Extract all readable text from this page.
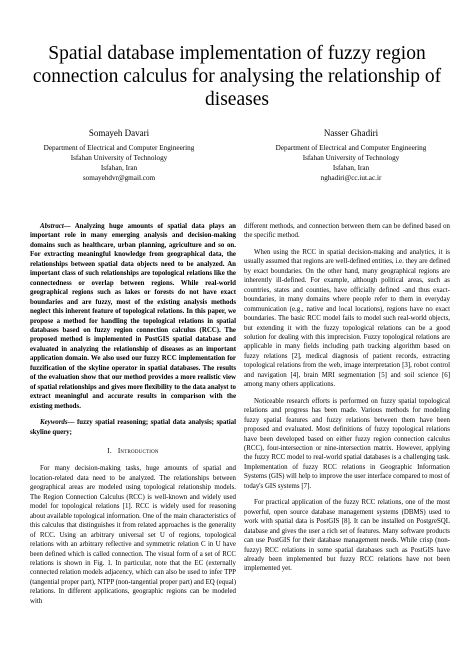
Spatial database implementation of fuzzy region connection calculus for analysing the relationship of diseases
Somayeh Davari
Department of Electrical and Computer Engineering
Isfahan University of Technology
Isfahan, Iran
somayehdvr@gmail.com
Nasser Ghadiri
Department of Electrical and Computer Engineering
Isfahan University of Technology
Isfahan, Iran
nghadiri@cc.iut.ac.ir

Abstract— Analyzing huge amounts of spatial data plays an important role in many emerging analysis and decision-making domains such as healthcare, urban planning, agriculture and so on. For extracting meaningful knowledge from geographical data, the relationships between spatial data objects need to be analyzed. An important class of such relationships are topological relations like the connectedness or overlap between regions. While real-world geographical regions such as lakes or forests do not have exact boundaries and are fuzzy, most of the existing analysis methods neglect this inherent feature of topological relations. In this paper, we propose a method for handling the topological relations in spatial databases based on fuzzy region connection calculus (RCC). The proposed method is implemented in PostGIS spatial database and evaluated in analyzing the relationship of diseases as an important application domain. We also used our fuzzy RCC implementation for fuzzification of the skyline operator in spatial databases. The results of the evaluation show that our method provides a more realistic view of spatial relationships and gives more flexibility to the data analyst to extract meaningful and accurate results in comparison with the existing methods.

Keywords— fuzzy spatial reasoning; spatial data analysis; spatial skyline query;

I. Introduction

For many decision-making tasks, huge amounts of spatial and location-related data need to be analyzed. The relationships between geographical areas are modeled using topological relationship models. The Region Connection Calculus (RCC) is well-known and widely used model for topological relations [1]. RCC is widely used for reasoning about available topological information. One of the main characteristics of this calculus that distinguishes it from related approaches is the generality of RCC. Using an arbitrary universal set U of regions, topological relations with an arbitrary reflective and symmetric relation C in U have been defined which is called connection. The visual form of a set of RCC relations is shown in Fig. 1. In particular, note that the EC (externally connected relation models adjacency, which can also be used to infer TPP (tangential proper part), NTPP (non-tangential proper part) and EQ (equal) relations. In different applications, geographic regions can be modeled with

different methods, and connection between them can be defined based on the specific method.

When using the RCC in spatial decision-making and analytics, it is usually assumed that regions are well-defined entities, i.e. they are defined by exact boundaries. On the other hand, many geographical regions are inherently ill-defined. For example, although political areas, such as countries, states and counties, have officially defined -and thus exact- boundaries, in many domains where people refer to them in everyday communication (e.g., native and local locations), regions have no exact boundaries. The basic RCC model fails to model such real-world objects, but extending it with the fuzzy topological relations can be a good solution for dealing with this imprecision. Fuzzy topological relations are applicable in many fields including path tracking algorithm based on fuzzy relations [2], medical diagnosis of patient records, extracting topological relations from the web, image interpretation [3], robot control and navigation [4], brain MRI segmentation [5] and soil science [6] among many others applications.

Noticeable research efforts is performed on fuzzy spatial topological relations and progress has been made. Various methods for modeling fuzzy spatial features and fuzzy relations between them have been proposed and evaluated. Most definitions of fuzzy topological relations have been developed based on either fuzzy region connection calculus (RCC), four-intersection or nine-intersection matrix. However, applying the fuzzy RCC model to real-world spatial databases is a challenging task. Implementation of fuzzy RCC relations in Geographic Information Systems (GIS) will help to improve the user interface compared to most of today's GIS systems [7].

For practical application of the fuzzy RCC relations, one of the most powerful, open source database management systems (DBMS) used to work with spatial data is PostGIS [8]. It can be installed on PostgreSQL database and gives the user a rich set of features. Many software products can use PostGIS for their database management needs. While crisp (non-fuzzy) RCC relations in some spatial databases such as PostGIS have already been implemented but fuzzy RCC relations have not been implemented yet.
